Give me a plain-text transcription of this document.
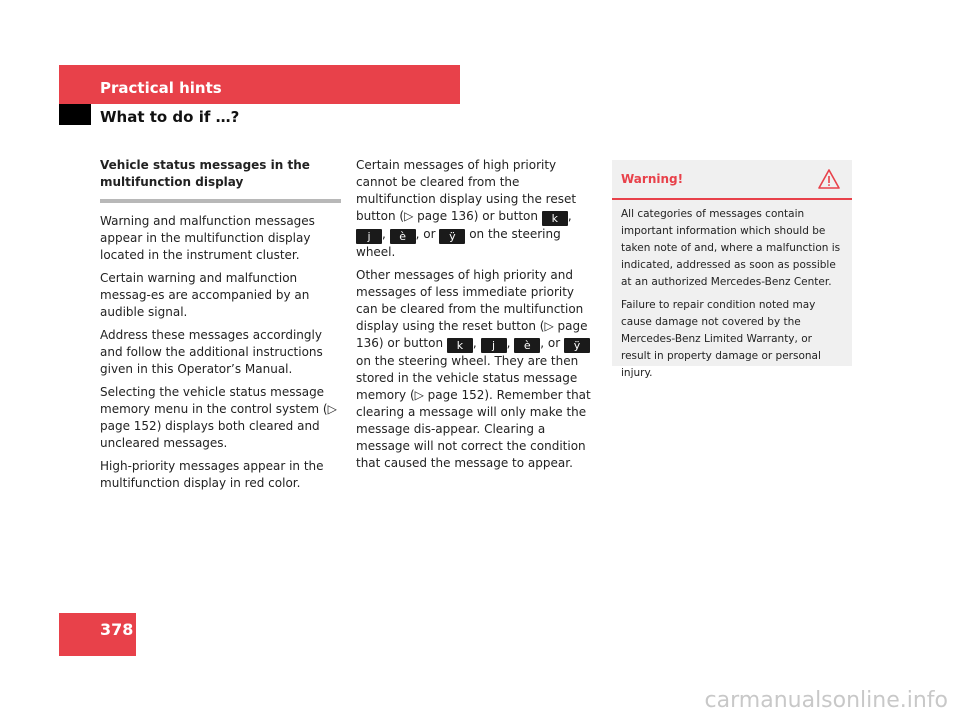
Practical hints
What to do if …?
Vehicle status messages in the multifunction display

Warning and malfunction messages appear in the multifunction display located in the instrument cluster.

Certain warning and malfunction messag-es are accompanied by an audible signal.

Address these messages accordingly and follow the additional instructions given in this Operator’s Manual.

Selecting the vehicle status message memory menu in the control system (▷ page 152) displays both cleared and uncleared messages.

High-priority messages appear in the multifunction display in red color.

Certain messages of high priority cannot be cleared from the multifunction display using the reset button (▷ page 136) or button k , j , è , or ÿ on the steering wheel.

Other messages of high priority and messages of less immediate priority can be cleared from the multifunction display using the reset button (▷ page 136) or button k , j , è , or ÿ on the steering wheel. They are then stored in the vehicle status message memory (▷ page 152). Remember that clearing a message will only make the message dis-appear. Clearing a message will not correct the condition that caused the message to appear.

Warning!

All categories of messages contain important information which should be taken note of and, where a malfunction is indicated, addressed as soon as possible at an authorized Mercedes-Benz Center.

Failure to repair condition noted may cause damage not covered by the Mercedes-Benz Limited Warranty, or result in property damage or personal injury.

378
carmanualsonline.info
